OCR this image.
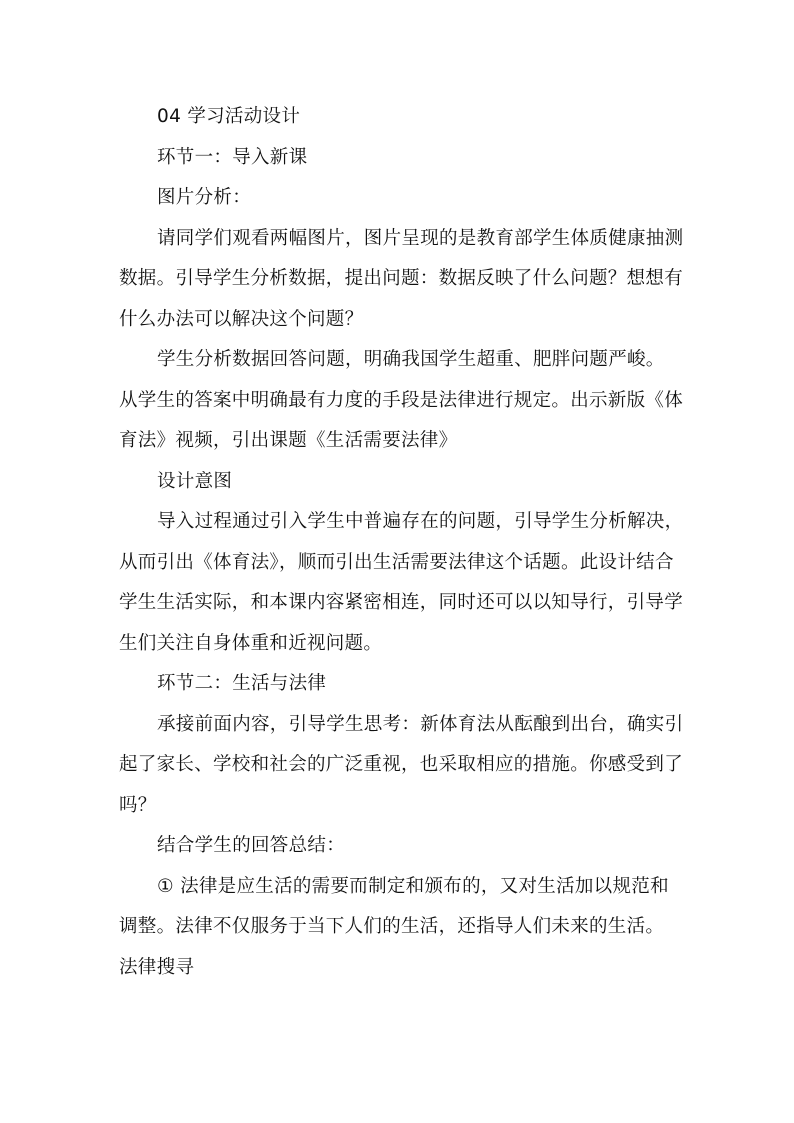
04 学习活动设计
环节一：导入新课
图片分析：
请同学们观看两幅图片，图片呈现的是教育部学生体质健康抽测
数据。引导学生分析数据，提出问题：数据反映了什么问题？想想有
什么办法可以解决这个问题？
学生分析数据回答问题，明确我国学生超重、肥胖问题严峻。
从学生的答案中明确最有力度的手段是法律进行规定。出示新版《体
育法》视频，引出课题《生活需要法律》
设计意图
导入过程通过引入学生中普遍存在的问题，引导学生分析解决，
从而引出《体育法》，顺而引出生活需要法律这个话题。此设计结合
学生生活实际，和本课内容紧密相连，同时还可以以知导行，引导学
生们关注自身体重和近视问题。
环节二：生活与法律
承接前面内容，引导学生思考：新体育法从酝酿到出台，确实引
起了家长、学校和社会的广泛重视，也采取相应的措施。你感受到了
吗？
结合学生的回答总结：
① 法律是应生活的需要而制定和颁布的，又对生活加以规范和
调整。法律不仅服务于当下人们的生活，还指导人们未来的生活。
法律搜寻
